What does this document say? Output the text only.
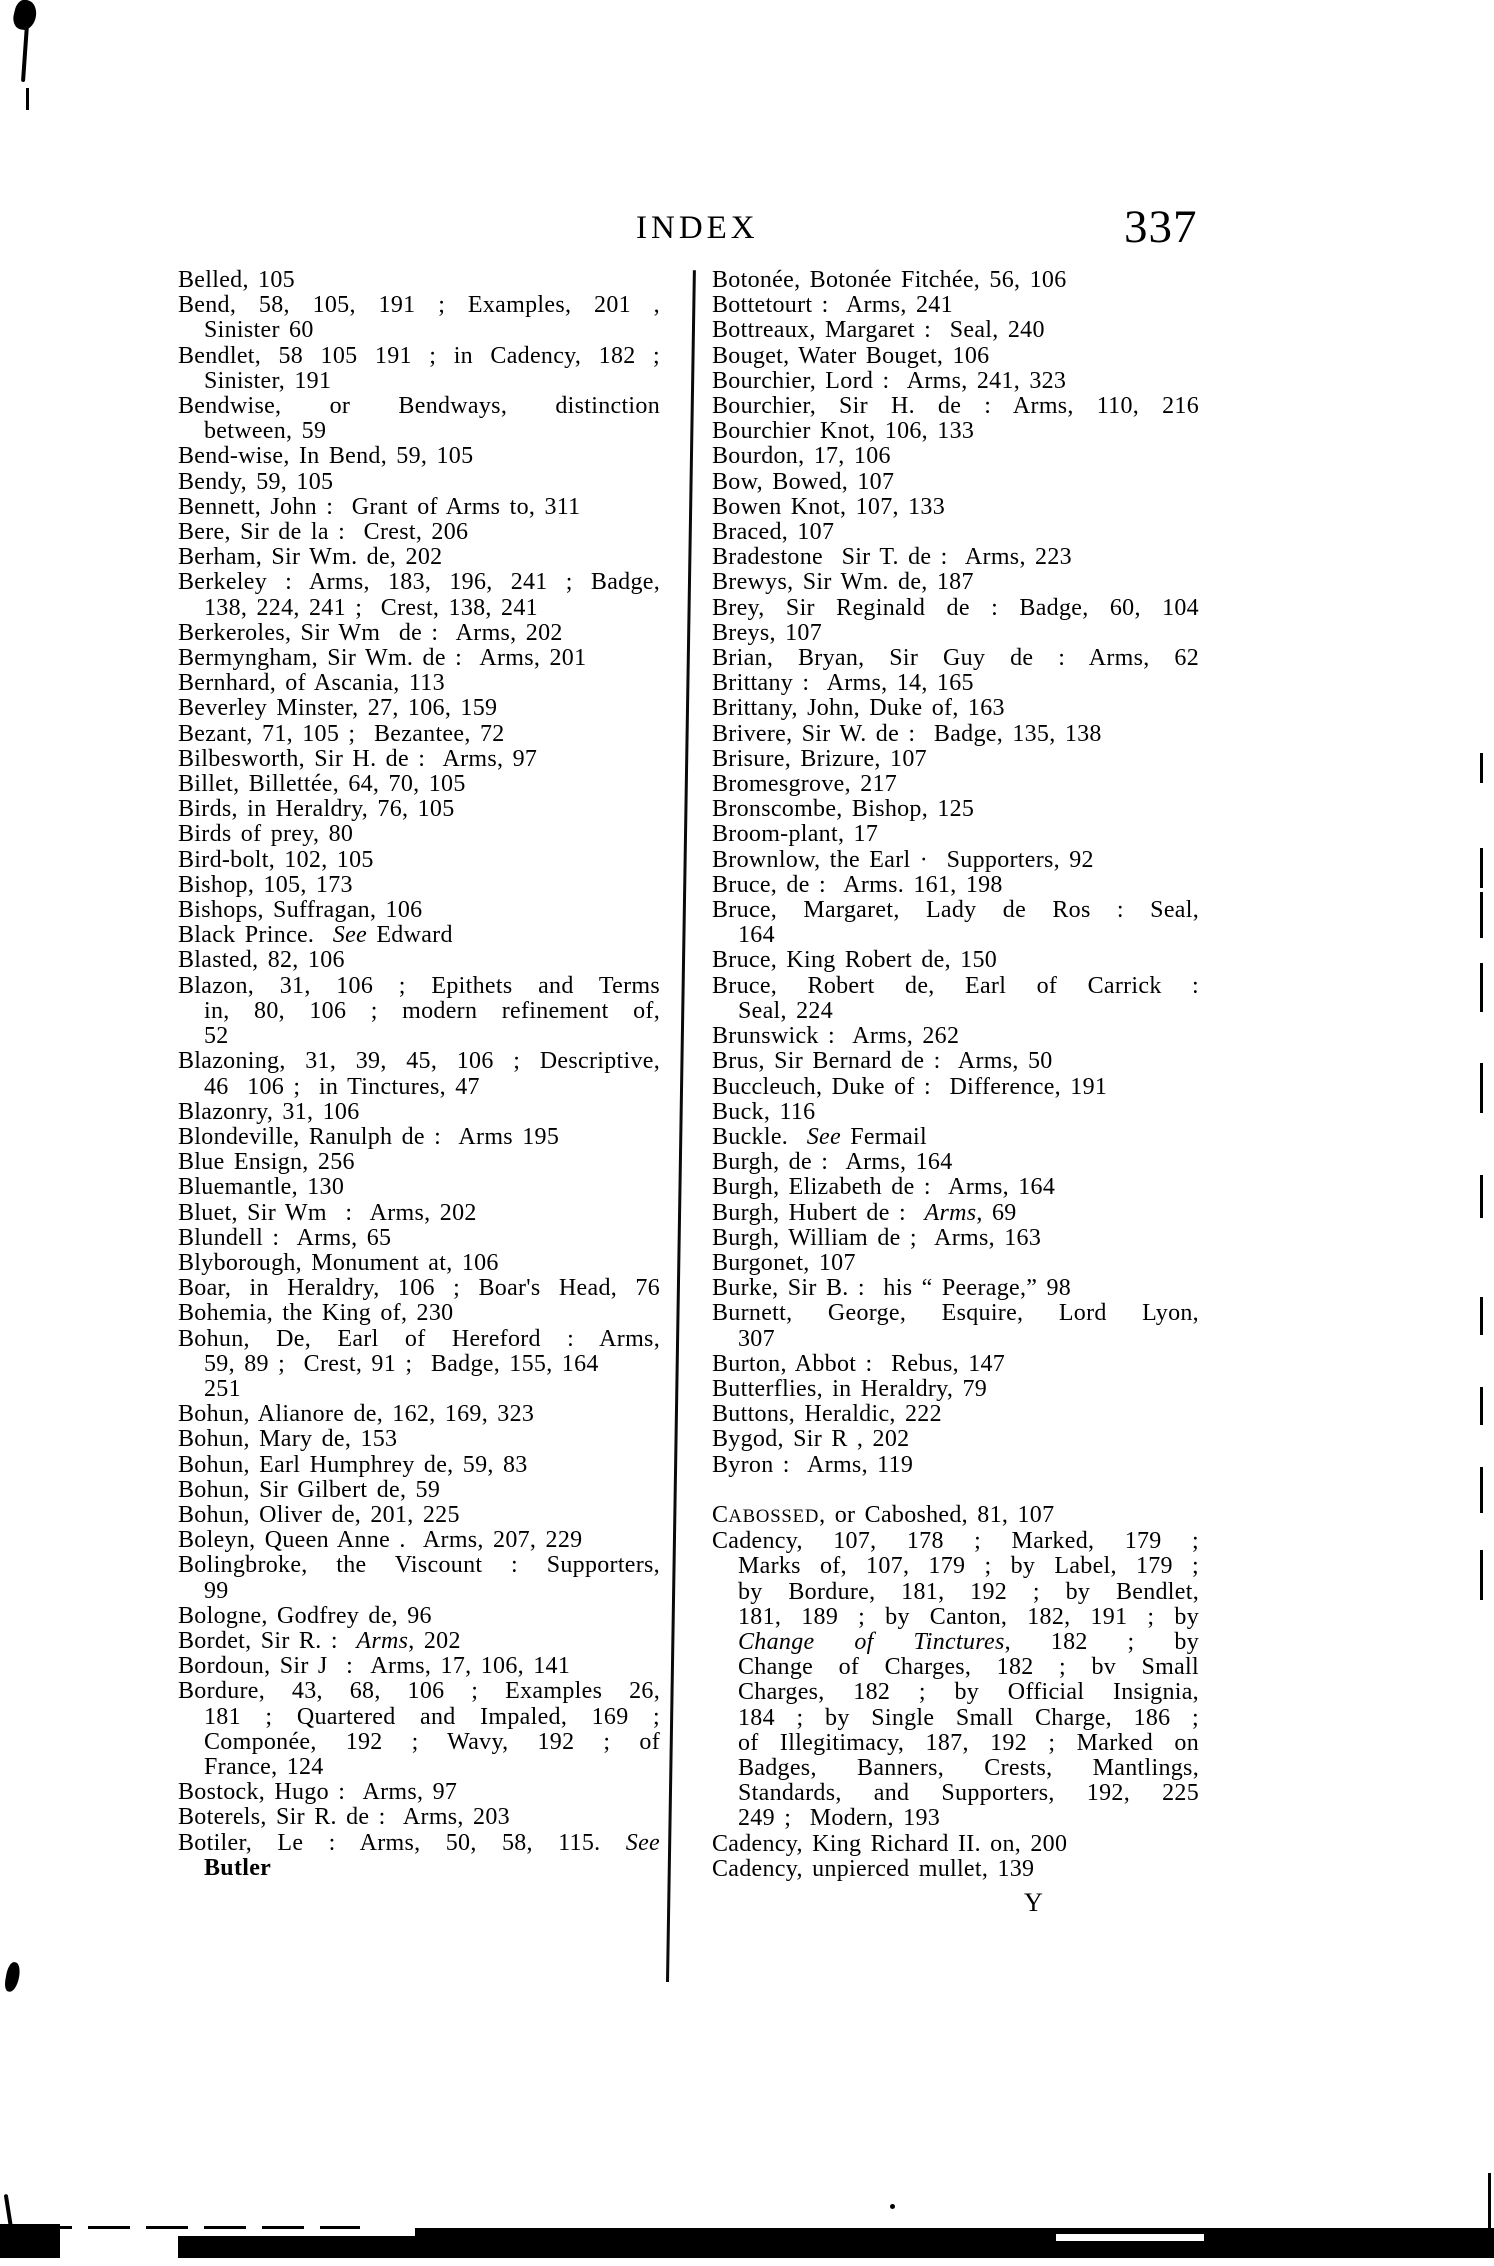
INDEX	337
Belled, 105
Bend, 58, 105, 191 ; Examples, 201 ,
Sinister 60
Bendlet, 58 105 191 ; in Cadency, 182 ;
Sinister, 191
Bendwise, or Bendways, distinction
between, 59
Bend-wise, In Bend, 59, 105
Bendy, 59, 105
Bennett, John :  Grant of Arms to, 311
Bere, Sir de la :  Crest, 206
Berham, Sir Wm. de, 202
Berkeley : Arms, 183, 196, 241 ; Badge,
138, 224, 241 ;  Crest, 138, 241
Berkeroles, Sir Wm  de :  Arms, 202
Bermyngham, Sir Wm. de :  Arms, 201
Bernhard, of Ascania, 113
Beverley Minster, 27, 106, 159
Bezant, 71, 105 ;  Bezantee, 72
Bilbesworth, Sir H. de :  Arms, 97
Billet, Billettée, 64, 70, 105
Birds, in Heraldry, 76, 105
Birds of prey, 80
Bird-bolt, 102, 105
Bishop, 105, 173
Bishops, Suffragan, 106
Black Prince.  See Edward
Blasted, 82, 106
Blazon, 31, 106 ; Epithets and Terms
in, 80, 106 ; modern refinement of,
52
Blazoning, 31, 39, 45, 106 ; Descriptive,
46  106 ;  in Tinctures, 47
Blazonry, 31, 106
Blondeville, Ranulph de :  Arms 195
Blue Ensign, 256
Bluemantle, 130
Bluet, Sir Wm  :  Arms, 202
Blundell :  Arms, 65
Blyborough, Monument at, 106
Boar, in Heraldry, 106 ; Boar's Head, 76
Bohemia, the King of, 230
Bohun, De, Earl of Hereford : Arms,
59, 89 ;  Crest, 91 ;  Badge, 155, 164
251
Bohun, Alianore de, 162, 169, 323
Bohun, Mary de, 153
Bohun, Earl Humphrey de, 59, 83
Bohun, Sir Gilbert de, 59
Bohun, Oliver de, 201, 225
Boleyn, Queen Anne .  Arms, 207, 229
Bolingbroke, the Viscount : Supporters,
99
Bologne, Godfrey de, 96
Bordet, Sir R. :  Arms, 202
Bordoun, Sir J  :  Arms, 17, 106, 141
Bordure, 43, 68, 106 ; Examples 26,
181 ; Quartered and Impaled, 169 ;
Componée, 192 ; Wavy, 192 ; of
France, 124
Bostock, Hugo :  Arms, 97
Boterels, Sir R. de :  Arms, 203
Botiler, Le : Arms, 50, 58, 115. See
Butler
Botonée, Botonée Fitchée, 56, 106
Bottetourt :  Arms, 241
Bottreaux, Margaret :  Seal, 240
Bouget, Water Bouget, 106
Bourchier, Lord :  Arms, 241, 323
Bourchier, Sir H. de : Arms, 110, 216
Bourchier Knot, 106, 133
Bourdon, 17, 106
Bow, Bowed, 107
Bowen Knot, 107, 133
Braced, 107
Bradestone  Sir T. de :  Arms, 223
Brewys, Sir Wm. de, 187
Brey, Sir Reginald de : Badge, 60, 104
Breys, 107
Brian, Bryan, Sir Guy de : Arms, 62
Brittany :  Arms, 14, 165
Brittany, John, Duke of, 163
Brivere, Sir W. de :  Badge, 135, 138
Brisure, Brizure, 107
Bromesgrove, 217
Bronscombe, Bishop, 125
Broom-plant, 17
Brownlow, the Earl ·  Supporters, 92
Bruce, de :  Arms. 161, 198
Bruce, Margaret, Lady de Ros : Seal,
164
Bruce, King Robert de, 150
Bruce, Robert de, Earl of Carrick :
Seal, 224
Brunswick :  Arms, 262
Brus, Sir Bernard de :  Arms, 50
Buccleuch, Duke of :  Difference, 191
Buck, 116
Buckle.  See Fermail
Burgh, de :  Arms, 164
Burgh, Elizabeth de :  Arms, 164
Burgh, Hubert de :  Arms, 69
Burgh, William de ;  Arms, 163
Burgonet, 107
Burke, Sir B. :  his “ Peerage,” 98
Burnett, George, Esquire, Lord Lyon,
307
Burton, Abbot :  Rebus, 147
Butterflies, in Heraldry, 79
Buttons, Heraldic, 222
Bygod, Sir R , 202
Byron :  Arms, 119
CABOSSED, or Caboshed, 81, 107
Cadency, 107, 178 ; Marked, 179 ;
Marks of, 107, 179 ; by Label, 179 ;
by Bordure, 181, 192 ; by Bendlet,
181, 189 ; by Canton, 182, 191 ; by
Change of Tinctures, 182 ; by
Change of Charges, 182 ; bv Small
Charges, 182 ; by Official Insignia,
184 ; by Single Small Charge, 186 ;
of Illegitimacy, 187, 192 ; Marked on
Badges, Banners, Crests, Mantlings,
Standards, and Supporters, 192, 225
249 ;  Modern, 193
Cadency, King Richard II. on, 200
Cadency, unpierced mullet, 139
Y
